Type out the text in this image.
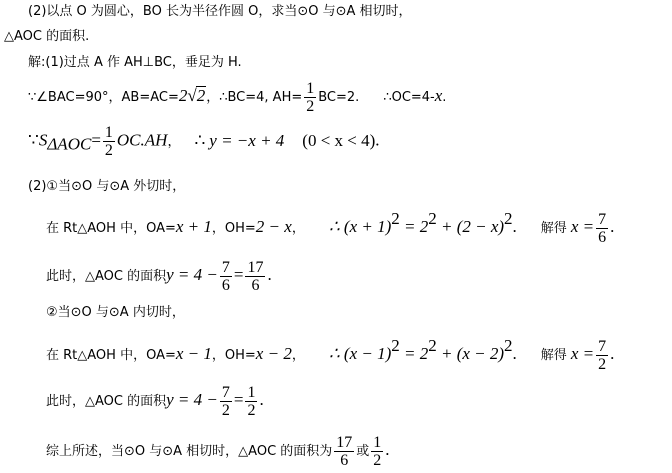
(2)以点 O 为圆心，BO 长为半径作圆 O，求当⊙O 与⊙A 相切时，
△AOC 的面积.
解:(1)过点 A 作 AH⊥BC，垂足为 H.
∵∠BAC=90°，AB=AC=2√2，∴BC=4, $AH= \frac{1}{2} BC=2$. ∴OC=4-x.
$\because S_{\Delta AOC}= \frac{1}{2} OC.AH$， ∴ y = −x + 4 (0 < x < 4).
(2)①当⊙O 与⊙A 外切时，
在 Rt△AOH 中，OA=x + 1，OH=2 − x， ∴ $(x + 1)^2 = 2^2 + (2 - x)^2$. 解得 $x = \frac{7}{6}$ .
此时，△AOC 的面积$y = 4 - \frac{7}{6} = \frac{17}{6}$ .
②当⊙O 与⊙A 内切时，
在 Rt△AOH 中，OA=x − 1，OH=x − 2， ∴ $(x - 1)^2 = 2^2 + (x - 2)^2$. 解得 $x = \frac{7}{2}$ .
此时，△AOC 的面积$y = 4 - \frac{7}{2} = \frac{1}{2}$ .
综上所述，当⊙O 与⊙A 相切时，△AOC 的面积为 $\frac{17}{6}$ 或 $\frac{1}{2}$ .
